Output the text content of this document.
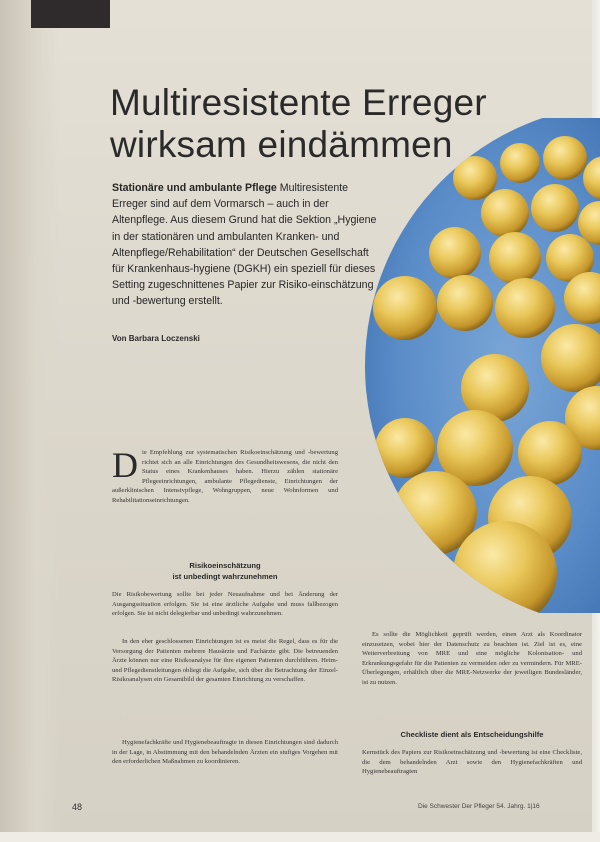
Multiresistente Erreger
wirksam eindämmen

Stationäre und ambulante Pflege Multiresistente Erreger sind auf dem Vormarsch – auch in der Altenpflege. Aus diesem Grund hat die Sektion „Hygiene in der stationären und ambulanten Kranken- und Altenpflege/Rehabilitation“ der Deutschen Gesellschaft für Krankenhaus-hygiene (DGKH) ein speziell für dieses Setting zugeschnittenes Papier zur Risiko-einschätzung und -bewertung erstellt.

Von Barbara Loczenski

Die Empfehlung zur systematischen Risikoeinschätzung und -bewertung richtet sich an alle Einrichtungen des Gesundheitswesens, die nicht den Status eines Krankenhauses haben. Hierzu zählen stationäre Pflegeeinrichtungen, ambulante Pflegedienste, Einrichtungen der außerklinischen Intensivpflege, Wohngruppen, neue Wohnformen und Rehabilitationseinrichtungen.

Risikoeinschätzung
ist unbedingt wahrzunehmen

Die Risikobewertung sollte bei jeder Neuaufnahme und bei Änderung der Ausgangssituation erfolgen. Sie ist eine ärztliche Aufgabe und muss fallbezogen erfolgen. Sie ist nicht delegierbar und unbedingt wahrzunehmen.

In den eher geschlossenen Einrichtungen ist es meist die Regel, dass es für die Versorgung der Patienten mehrere Hausärzte und Fachärzte gibt. Die betreuenden Ärzte können nur eine Risikoanalyse für ihre eigenen Patienten durchführen. Heim- und Pflegedienstleitungen obliegt die Aufgabe, sich über die Betrachtung der Einzel-Risikoanalysen ein Gesamtbild der gesamten Einrichtung zu verschaffen.

Hygienefachkräfte und Hygienebeauftragte in diesen Einrichtungen sind dadurch in der Lage, in Abstimmung mit den behandelnden Ärzten ein stufiges Vorgehen mit den erforderlichen Maßnahmen zu koordinieren.

Es sollte die Möglichkeit geprüft werden, einen Arzt als Koordinator einzusetzen, wobei hier der Datenschutz zu beachten ist. Ziel ist es, eine Weiterverbreitung von MRE und eine mögliche Kolonisation- und Erkrankungsgefahr für die Patienten zu vermeiden oder zu vermindern. Für MRE-Überlegungen, erhältlich über die MRE-Netzwerke der jeweiligen Bundesländer, ist zu nutzen.

Checkliste dient als Entscheidungshilfe

Kernstück des Papiers zur Risikoeinschätzung und -bewertung ist eine Checkliste, die dem behandelnden Arzt sowie den Hygienefachkräften und Hygienebeauftragten

48	Die Schwester Der Pfleger 54. Jahrg. 1|16
